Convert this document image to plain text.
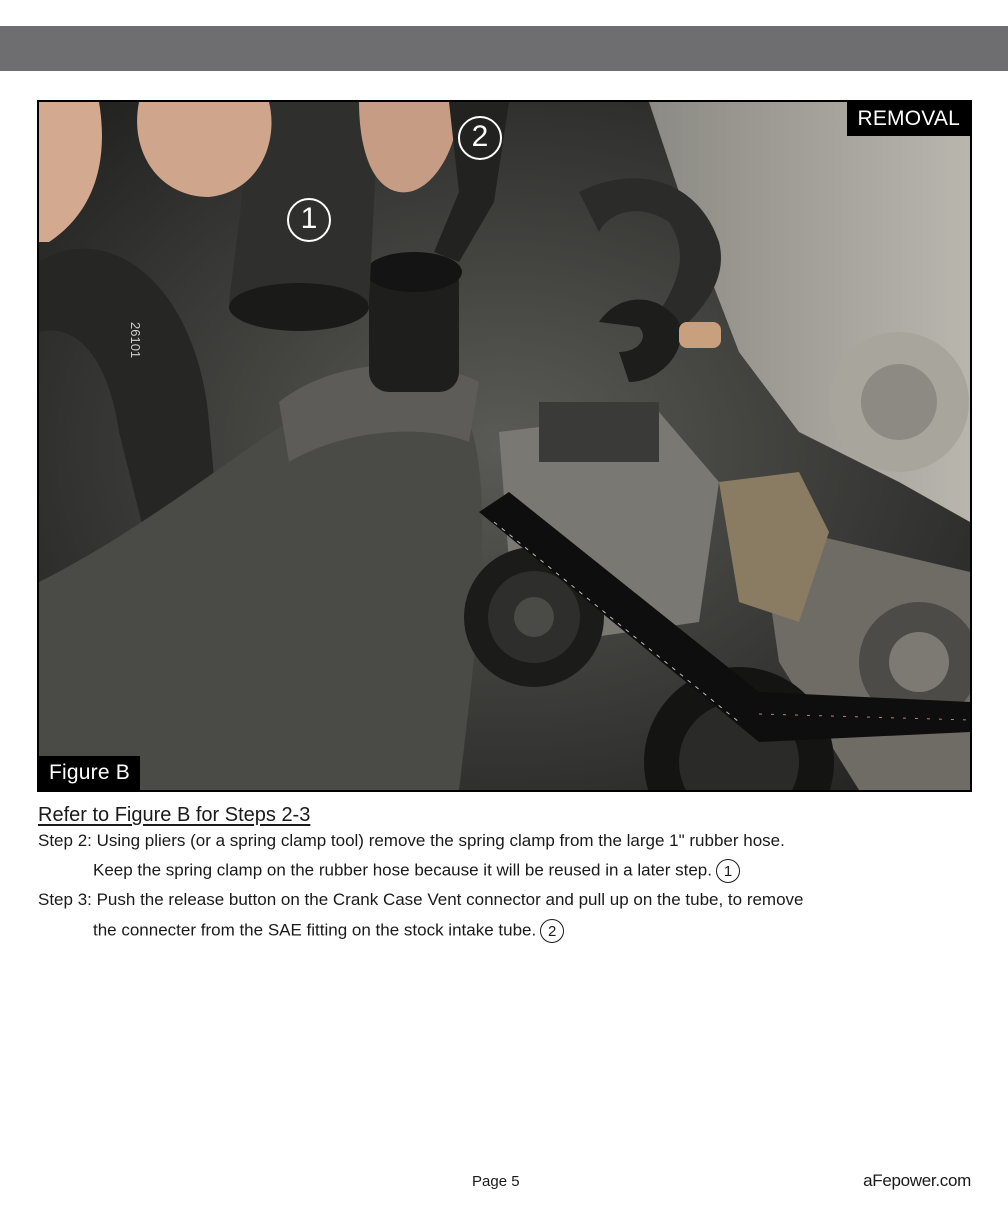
26101
REMOVAL
Figure B
1
2
Refer to Figure B for Steps 2-3
Step 2: Using pliers (or a spring clamp tool) remove the spring clamp from the large 1" rubber hose.
Keep the spring clamp on the rubber hose because it will be reused in a later step. 1
Step 3: Push the release button on the Crank Case Vent connector and pull up on the tube, to remove
the connecter from the SAE fitting on the stock intake tube. 2
Page 5	aFepower.com
